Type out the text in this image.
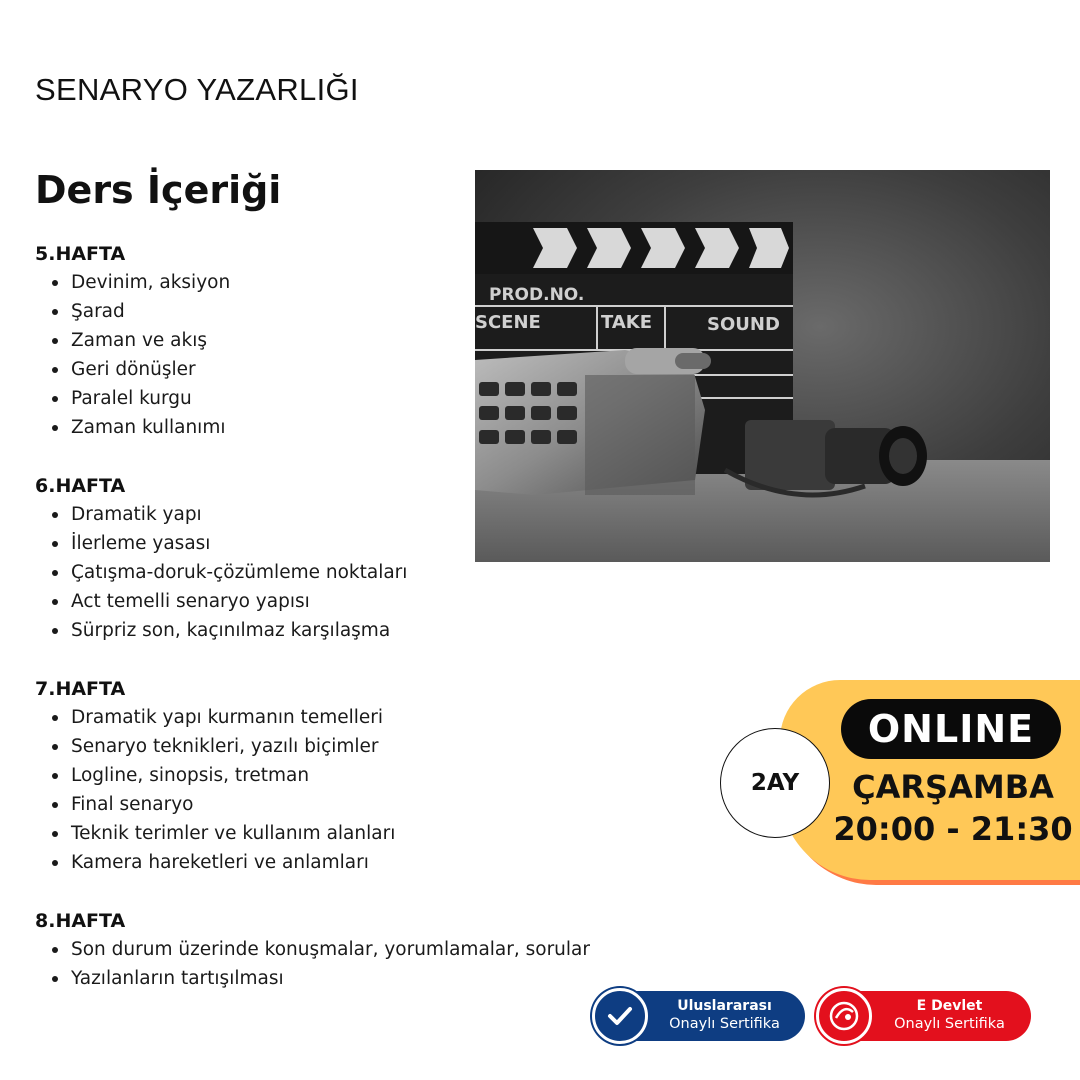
SENARYO YAZARLIĞI
Ders İçeriği
5.HAFTA
Devinim, aksiyon
Şarad
Zaman ve akış
Geri dönüşler
Paralel kurgu
Zaman kullanımı
6.HAFTA
Dramatik yapı
İlerleme yasası
Çatışma-doruk-çözümleme noktaları
Act temelli senaryo yapısı
Sürpriz son, kaçınılmaz karşılaşma
7.HAFTA
Dramatik yapı kurmanın temelleri
Senaryo teknikleri, yazılı biçimler
Logline, sinopsis, tretman
Final senaryo
Teknik terimler ve kullanım alanları
Kamera hareketleri ve anlamları
8.HAFTA
Son durum üzerinde konuşmalar, yorumlamalar, sorular
Yazılanların tartışılması
PROD.NO.
SCENE	TAKE	SOUND
ONLINE
ÇARŞAMBA
20:00 - 21:30
2AY
Uluslararası
Onaylı Sertifika
E Devlet
Onaylı Sertifika
